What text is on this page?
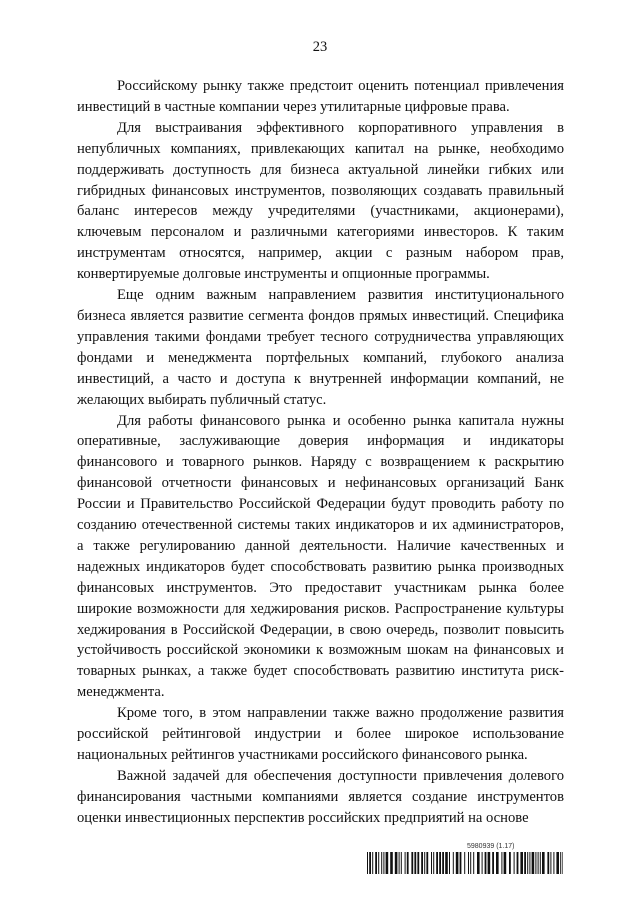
23

Российскому рынку также предстоит оценить потенциал привлечения инвестиций в частные компании через утилитарные цифровые права.

Для выстраивания эффективного корпоративного управления в непубличных компаниях, привлекающих капитал на рынке, необходимо поддерживать доступность для бизнеса актуальной линейки гибких или гибридных финансовых инструментов, позволяющих создавать правильный баланс интересов между учредителями (участниками, акционерами), ключевым персоналом и различными категориями инвесторов. К таким инструментам относятся, например, акции с разным набором прав, конвертируемые долговые инструменты и опционные программы.

Еще одним важным направлением развития институционального бизнеса является развитие сегмента фондов прямых инвестиций. Специфика управления такими фондами требует тесного сотрудничества управляющих фондами и менеджмента портфельных компаний, глубокого анализа инвестиций, а часто и доступа к внутренней информации компаний, не желающих выбирать публичный статус.

Для работы финансового рынка и особенно рынка капитала нужны оперативные, заслуживающие доверия информация и индикаторы финансового и товарного рынков. Наряду с возвращением к раскрытию финансовой отчетности финансовых и нефинансовых организаций Банк России и Правительство Российской Федерации будут проводить работу по созданию отечественной системы таких индикаторов и их администраторов, а также регулированию данной деятельности. Наличие качественных и надежных индикаторов будет способствовать развитию рынка производных финансовых инструментов. Это предоставит участникам рынка более широкие возможности для хеджирования рисков. Распространение культуры хеджирования в Российской Федерации, в свою очередь, позволит повысить устойчивость российской экономики к возможным шокам на финансовых и товарных рынках, а также будет способствовать развитию института риск-менеджмента.

Кроме того, в этом направлении также важно продолжение развития российской рейтинговой индустрии и более широкое использование национальных рейтингов участниками российского финансового рынка.

Важной задачей для обеспечения доступности привлечения долевого финансирования частными компаниями является создание инструментов оценки инвестиционных перспектив российских предприятий на основе

5980939 (1.17)
